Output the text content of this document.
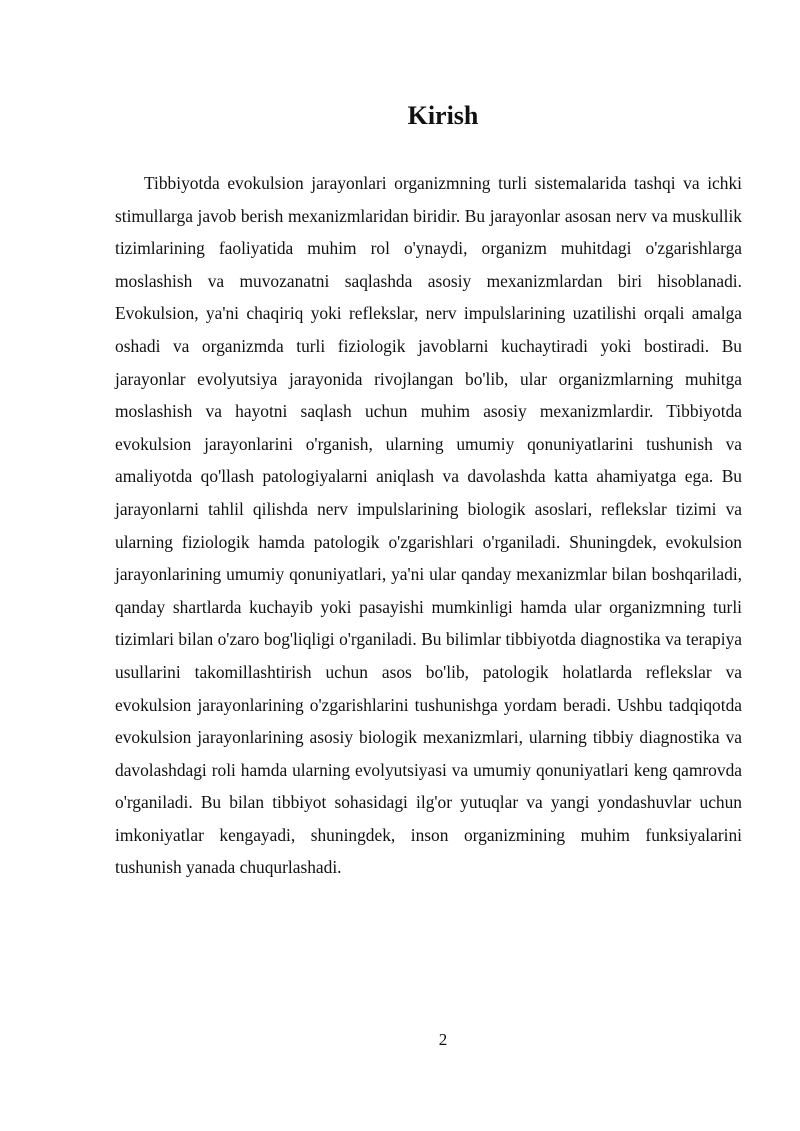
Kirish

Tibbiyotda evokulsion jarayonlari organizmning turli sistemalarida tashqi va ichki stimullarga javob berish mexanizmlaridan biridir. Bu jarayonlar asosan nerv va muskullik tizimlarining faoliyatida muhim rol o'ynaydi, organizm muhitdagi o'zgarishlarga moslashish va muvozanatni saqlashda asosiy mexanizmlardan biri hisoblanadi. Evokulsion, ya'ni chaqiriq yoki reflekslar, nerv impulslarining uzatilishi orqali amalga oshadi va organizmda turli fiziologik javoblarni kuchaytiradi yoki bostiradi. Bu jarayonlar evolyutsiya jarayonida rivojlangan bo'lib, ular organizmlarning muhitga moslashish va hayotni saqlash uchun muhim asosiy mexanizmlardir. Tibbiyotda evokulsion jarayonlarini o'rganish, ularning umumiy qonuniyatlarini tushunish va amaliyotda qo'llash patologiyalarni aniqlash va davolashda katta ahamiyatga ega. Bu jarayonlarni tahlil qilishda nerv impulslarining biologik asoslari, reflekslar tizimi va ularning fiziologik hamda patologik o'zgarishlari o'rganiladi. Shuningdek, evokulsion jarayonlarining umumiy qonuniyatlari, ya'ni ular qanday mexanizmlar bilan boshqariladi, qanday shartlarda kuchayib yoki pasayishi mumkinligi hamda ular organizmning turli tizimlari bilan o'zaro bog'liqligi o'rganiladi. Bu bilimlar tibbiyotda diagnostika va terapiya usullarini takomillashtirish uchun asos bo'lib, patologik holatlarda reflekslar va evokulsion jarayonlarining o'zgarishlarini tushunishga yordam beradi. Ushbu tadqiqotda evokulsion jarayonlarining asosiy biologik mexanizmlari, ularning tibbiy diagnostika va davolashdagi roli hamda ularning evolyutsiyasi va umumiy qonuniyatlari keng qamrovda o'rganiladi. Bu bilan tibbiyot sohasidagi ilg'or yutuqlar va yangi yondashuvlar uchun imkoniyatlar kengayadi, shuningdek, inson organizmining muhim funksiyalarini tushunish yanada chuqurlashadi.

2
